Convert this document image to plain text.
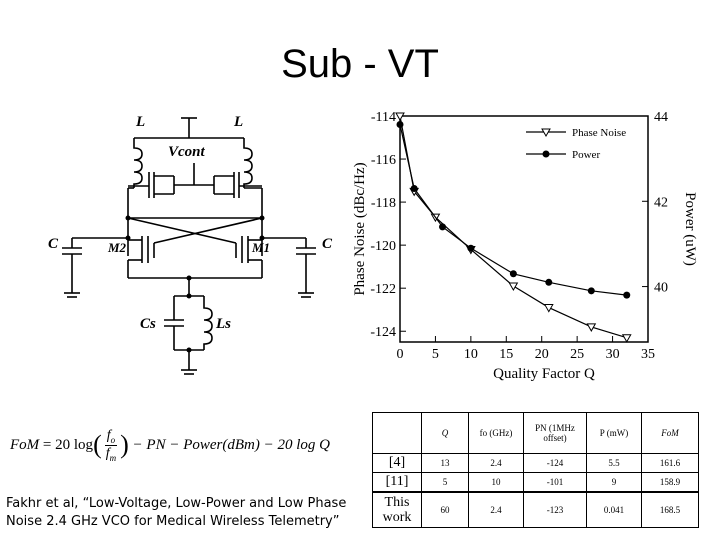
Sub - VT
L	L
Vcont
C	C
M2	M1
Cs	Ls
0 5 10 15 20 25 30 35
-114
-116
-118
-120
-122
-124
44
42
40
Quality Factor Q
Phase Noise (dBc/Hz)	Power (uW)
Phase Noise
Power
FoM
= 20 log ( $\frac{f_o}{f_m}$ )
− PN − Power(dBm) − 20 log Q
Fakhr et al, “Low-Voltage, Low-Power and Low Phase Noise 2.4 GHz VCO for Medical Wireless Telemetry”
	Q	fo (GHz)	PN (1MHz offset)	P (mW)	FoM
[4]	13	2.4	-124	5.5	161.6
[11]	5	10	-101	9	158.9
This work	60	2.4	-123	0.041	168.5
